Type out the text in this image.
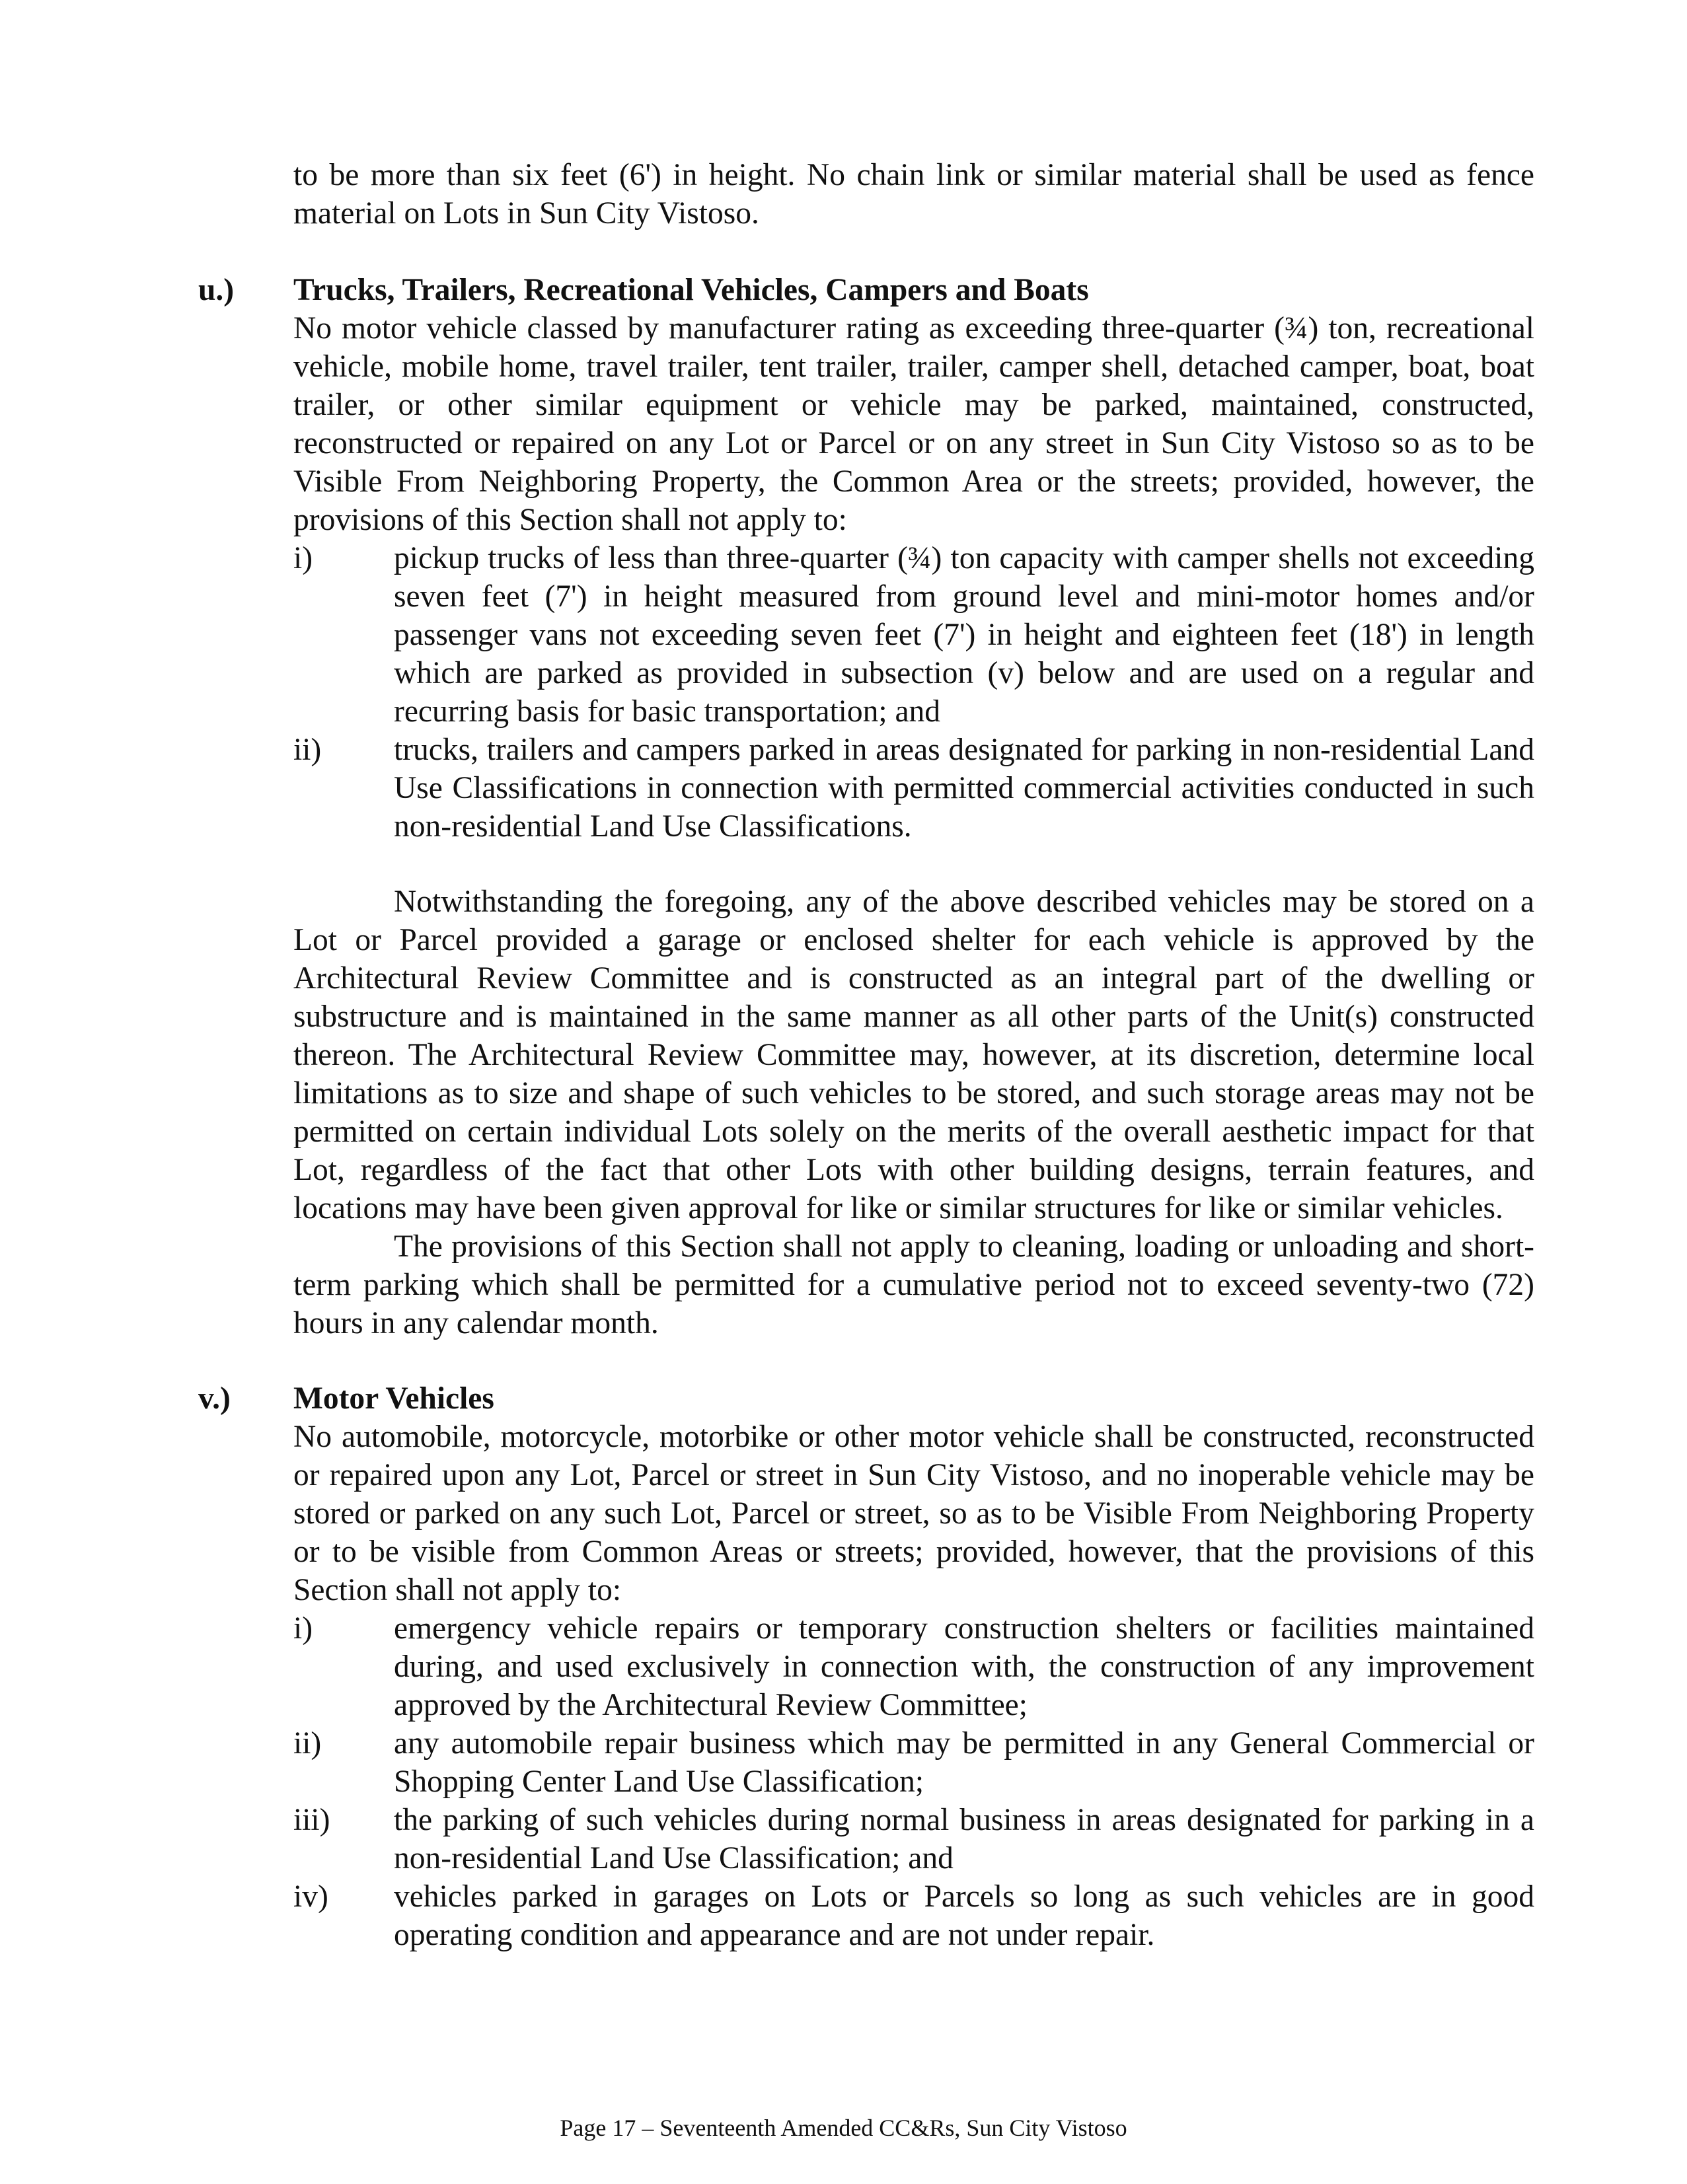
to be more than six feet (6') in height. No chain link or similar material shall be used as fence material on Lots in Sun City Vistoso.

u.) Trucks, Trailers, Recreational Vehicles, Campers and Boats

No motor vehicle classed by manufacturer rating as exceeding three-quarter (¾) ton, recreational vehicle, mobile home, travel trailer, tent trailer, trailer, camper shell, detached camper, boat, boat trailer, or other similar equipment or vehicle may be parked, maintained, constructed, reconstructed or repaired on any Lot or Parcel or on any street in Sun City Vistoso so as to be Visible From Neighboring Property, the Common Area or the streets; provided, however, the provisions of this Section shall not apply to:

i)	pickup trucks of less than three-quarter (¾) ton capacity with camper shells not exceeding seven feet (7') in height measured from ground level and mini-motor homes and/or passenger vans not exceeding seven feet (7') in height and eighteen feet (18') in length which are parked as provided in subsection (v) below and are used on a regular and recurring basis for basic transportation; and
ii) trucks, trailers and campers parked in areas designated for parking in non-residential Land Use Classifications in connection with permitted commercial activities conducted in such non-residential Land Use Classifications.

Notwithstanding the foregoing, any of the above described vehicles may be stored on a Lot or Parcel provided a garage or enclosed shelter for each vehicle is approved by the Architectural Review Committee and is constructed as an integral part of the dwelling or substructure and is maintained in the same manner as all other parts of the Unit(s) constructed thereon. The Architectural Review Committee may, however, at its discretion, determine local limitations as to size and shape of such vehicles to be stored, and such storage areas may not be permitted on certain individual Lots solely on the merits of the overall aesthetic impact for that Lot, regardless of the fact that other Lots with other building designs, terrain features, and locations may have been given approval for like or similar structures for like or similar vehicles.

The provisions of this Section shall not apply to cleaning, loading or unloading and short-term parking which shall be permitted for a cumulative period not to exceed seventy-two (72) hours in any calendar month.

v.) Motor Vehicles

No automobile, motorcycle, motorbike or other motor vehicle shall be constructed, reconstructed or repaired upon any Lot, Parcel or street in Sun City Vistoso, and no inoperable vehicle may be stored or parked on any such Lot, Parcel or street, so as to be Visible From Neighboring Property or to be visible from Common Areas or streets; provided, however, that the provisions of this Section shall not apply to:

i)	emergency vehicle repairs or temporary construction shelters or facilities maintained during, and used exclusively in connection with, the construction of any improvement approved by the Architectural Review Committee;
ii) any automobile repair business which may be permitted in any General Commercial or Shopping Center Land Use Classification;
iii) the parking of such vehicles during normal business in areas designated for parking in a non-residential Land Use Classification; and
iv) vehicles parked in garages on Lots or Parcels so long as such vehicles are in good operating condition and appearance and are not under repair.
Page 17 – Seventeenth Amended CC&Rs, Sun City Vistoso
